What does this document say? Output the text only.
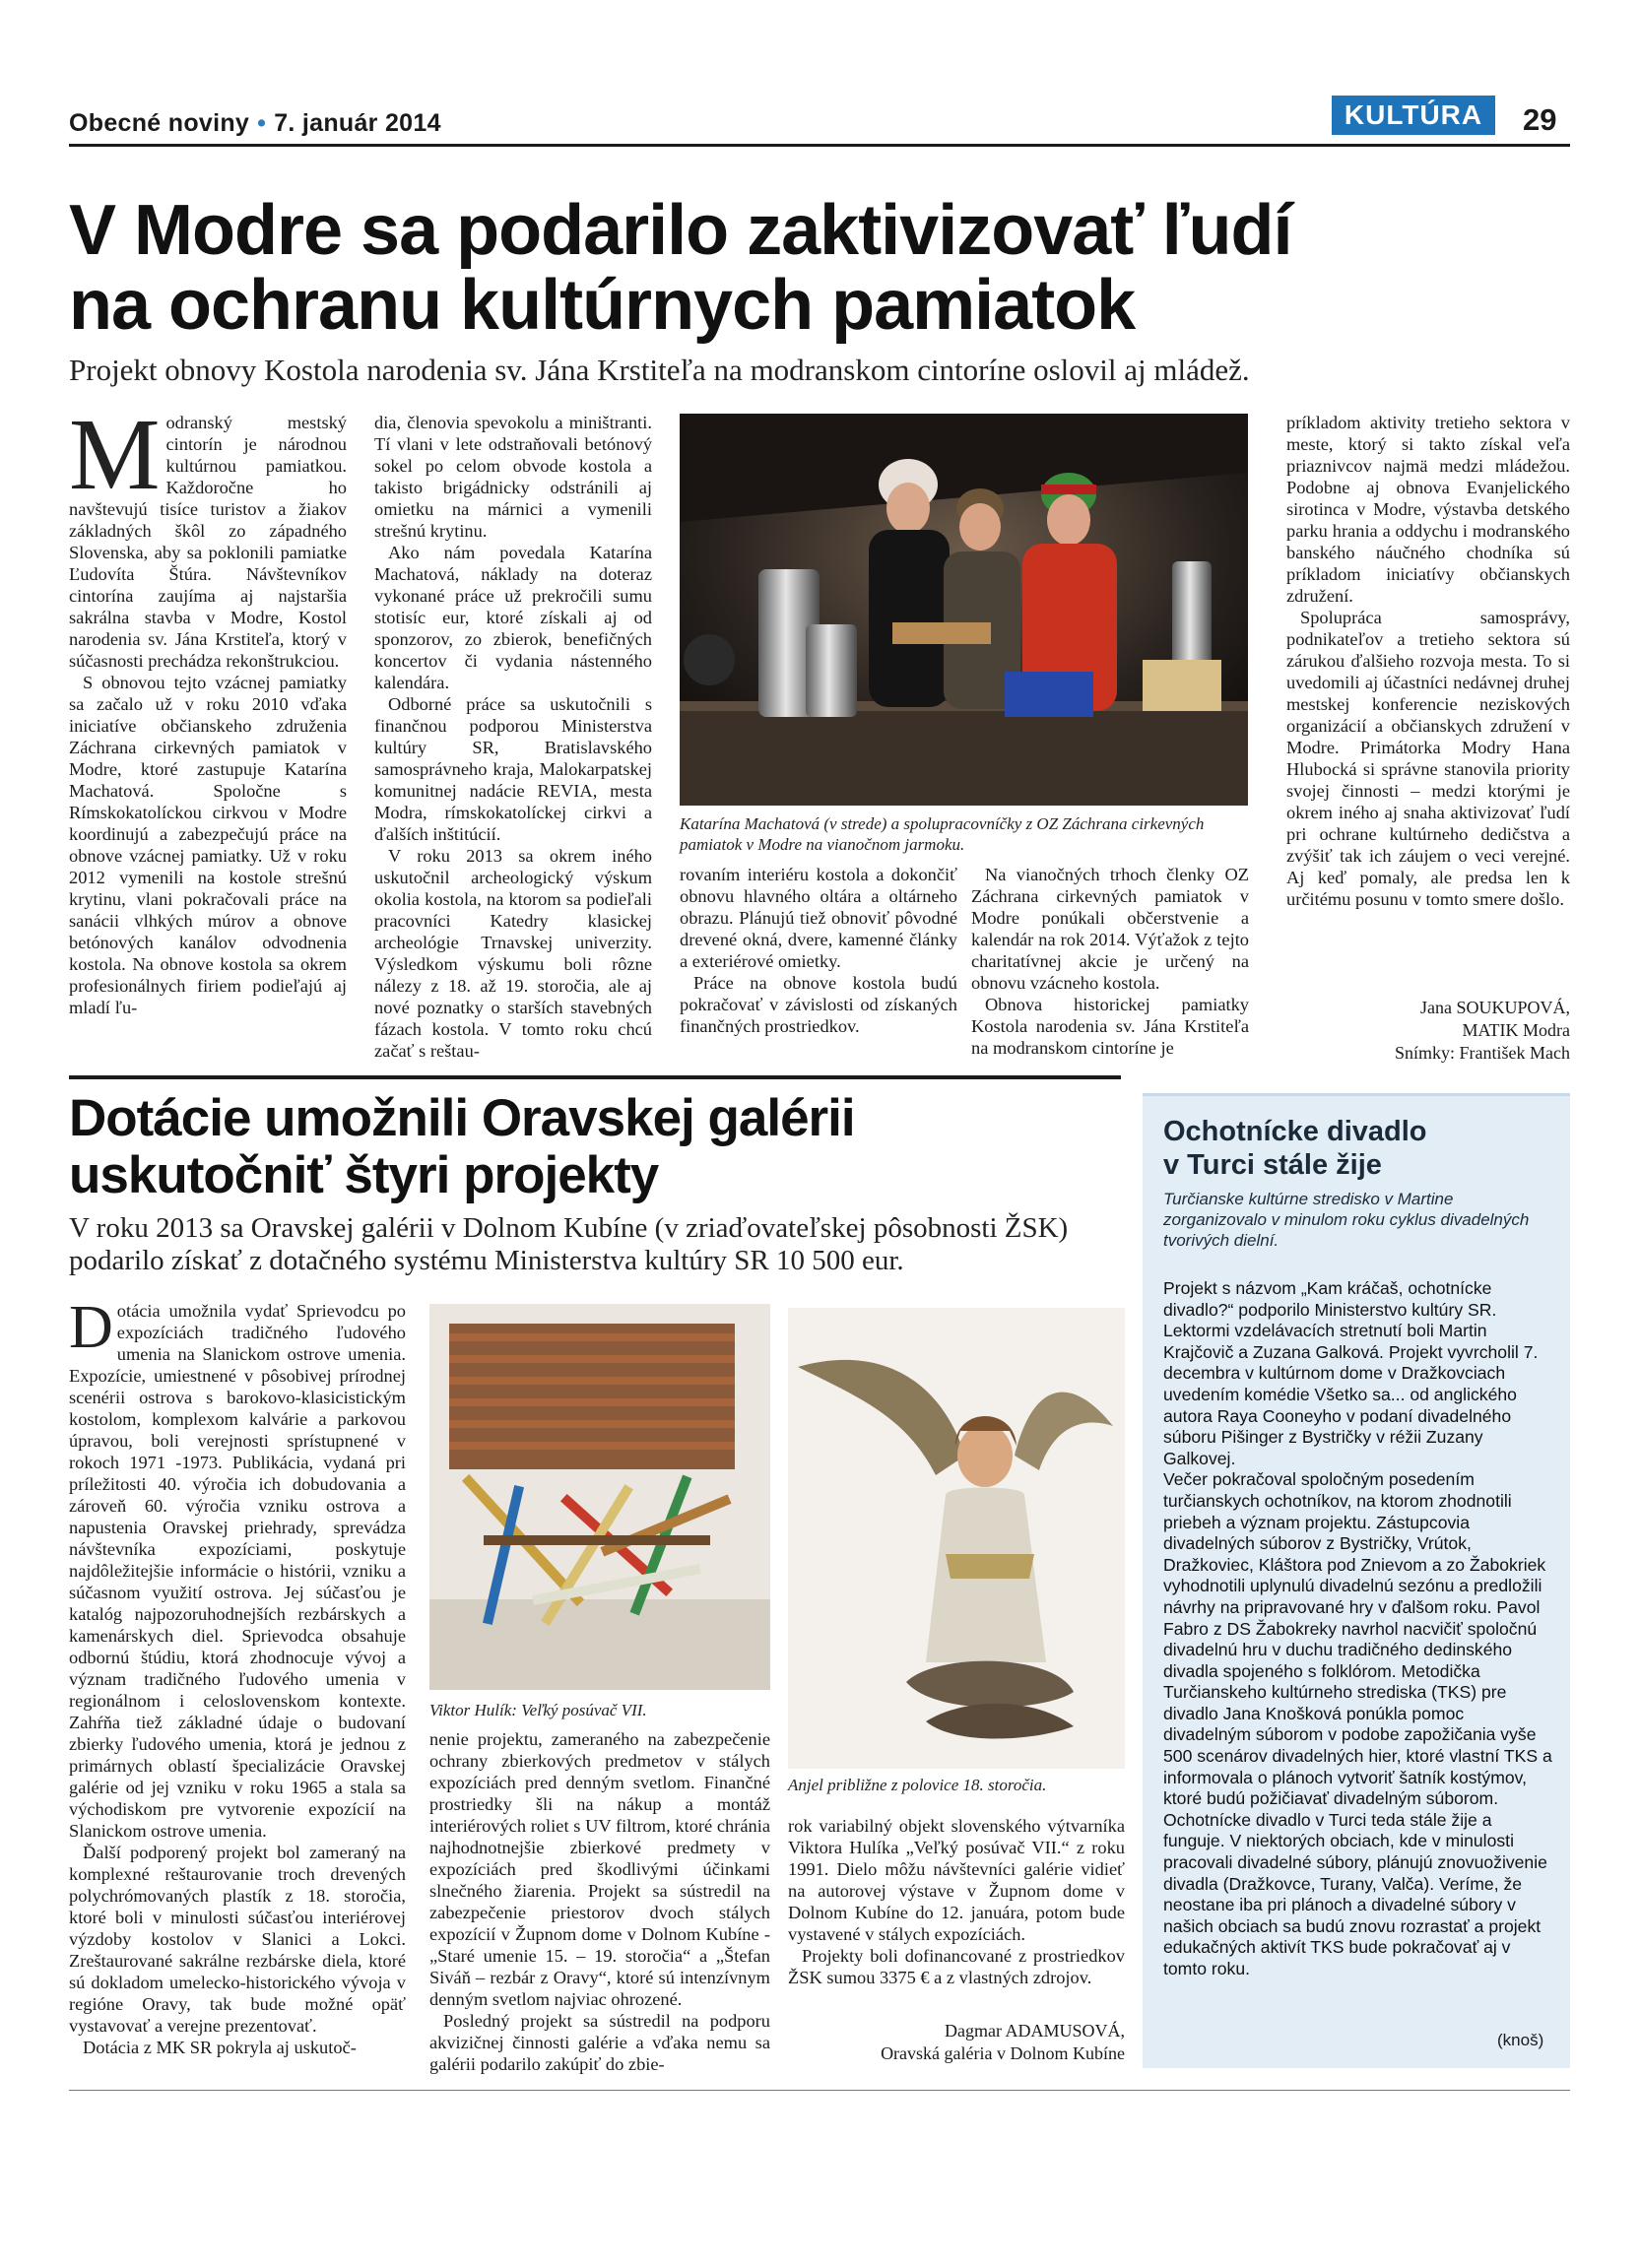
Obecné noviny • 7. január 2014	KULTÚRA	29
V Modre sa podarilo zaktivizovať ľudí
na ochranu kultúrnych pamiatok
Projekt obnovy Kostola narodenia sv. Jána Krstiteľa na modranskom cintoríne oslovil aj mládež.

Modranský mestský cintorín je národnou kultúrnou pamiatkou. Každoročne ho navštevujú tisíce turistov a žiakov základných škôl zo západného Slovenska, aby sa poklonili pamiatke Ľudovíta Štúra. Návštevníkov cintorína zaujíma aj najstaršia sakrálna stavba v Modre, Kostol narodenia sv. Jána Krstiteľa, ktorý v súčasnosti prechádza rekonštrukciou.

S obnovou tejto vzácnej pamiatky sa začalo už v roku 2010 vďaka iniciatíve občianskeho združenia Záchrana cirkevných pamiatok v Modre, ktoré zastupuje Katarína Machatová. Spoločne s Rímskokatolíckou cirkvou v Modre koordinujú a zabezpečujú práce na obnove vzácnej pamiatky. Už v roku 2012 vymenili na kostole strešnú krytinu, vlani pokračovali práce na sanácii vlhkých múrov a obnove betónových kanálov odvodnenia kostola. Na obnove kostola sa okrem profesionálnych firiem podieľajú aj mladí ľu-

dia, členovia spevokolu a miništranti. Tí vlani v lete odstraňovali betónový sokel po celom obvode kostola a takisto brigádnicky odstránili aj omietku na márnici a vymenili strešnú krytinu.

Ako nám povedala Katarína Machatová, náklady na doteraz vykonané práce už prekročili sumu stotisíc eur, ktoré získali aj od sponzorov, zo zbierok, benefičných koncertov či vydania nástenného kalendára.

Odborné práce sa uskutočnili s finančnou podporou Ministerstva kultúry SR, Bratislavského samosprávneho kraja, Malokarpatskej komunitnej nadácie REVIA, mesta Modra, rímskokatolíckej cirkvi a ďalších inštitúcií.

V roku 2013 sa okrem iného uskutočnil archeologický výskum okolia kostola, na ktorom sa podieľali pracovníci Katedry klasickej archeológie Trnavskej univerzity. Výsledkom výskumu boli rôzne nálezy z 18. až 19. storočia, ale aj nové poznatky o starších stavebných fázach kostola. V tomto roku chcú začať s reštau-

Katarína Machatová (v strede) a spolupracovníčky z OZ Záchrana cirkevných pamiatok v Modre na vianočnom jarmoku.

rovaním interiéru kostola a dokončiť obnovu hlavného oltára a oltárneho obrazu. Plánujú tiež obnoviť pôvodné drevené okná, dvere, kamenné články a exteriérové omietky.

Práce na obnove kostola budú pokračovať v závislosti od získaných finančných prostriedkov.

Na vianočných trhoch členky OZ Záchrana cirkevných pamiatok v Modre ponúkali občerstvenie a kalendár na rok 2014. Výťažok z tejto charitatívnej akcie je určený na obnovu vzácneho kostola.

Obnova historickej pamiatky Kostola narodenia sv. Jána Krstiteľa na modranskom cintoríne je

príkladom aktivity tretieho sektora v meste, ktorý si takto získal veľa priaznivcov najmä medzi mládežou. Podobne aj obnova Evanjelického sirotinca v Modre, výstavba detského parku hrania a oddychu i modranského banského náučného chodníka sú príkladom iniciatívy občianskych združení.

Spolupráca samosprávy, podnikateľov a tretieho sektora sú zárukou ďalšieho rozvoja mesta. To si uvedomili aj účastníci nedávnej druhej mestskej konferencie neziskových organizácií a občianskych združení v Modre. Primátorka Modry Hana Hlubocká si správne stanovila priority svojej činnosti – medzi ktorými je okrem iného aj snaha aktivizovať ľudí pri ochrane kultúrneho dedičstva a zvýšiť tak ich záujem o veci verejné. Aj keď pomaly, ale predsa len k určitému posunu v tomto smere došlo.

Jana SOUKUPOVÁ,
MATIK Modra
Snímky: František Mach
Dotácie umožnili Oravskej galérii
uskutočniť štyri projekty
V roku 2013 sa Oravskej galérii v Dolnom Kubíne (v zriaďovateľskej pôsobnosti ŽSK)
podarilo získať z dotačného systému Ministerstva kultúry SR 10 500 eur.

Dotácia umožnila vydať Sprievodcu po expozíciách tradičného ľudového umenia na Slanickom ostrove umenia. Expozície, umiestnené v pôsobivej prírodnej scenérii ostrova s barokovo-klasicistickým kostolom, komplexom kalvárie a parkovou úpravou, boli verejnosti sprístupnené v rokoch 1971 -1973. Publikácia, vydaná pri príležitosti 40. výročia ich dobudovania a zároveň 60. výročia vzniku ostrova a napustenia Oravskej priehrady, sprevádza návštevníka expozíciami, poskytuje najdôležitejšie informácie o histórii, vzniku a súčasnom využití ostrova. Jej súčasťou je katalóg najpozoruhodnejších rezbárskych a kamenárskych diel. Sprievodca obsahuje odbornú štúdiu, ktorá zhodnocuje vývoj a význam tradičného ľudového umenia v regionálnom i celoslovenskom kontexte. Zahŕňa tiež základné údaje o budovaní zbierky ľudového umenia, ktorá je jednou z primárnych oblastí špecializácie Oravskej galérie od jej vzniku v roku 1965 a stala sa východiskom pre vytvorenie expozícií na Slanickom ostrove umenia.

Ďalší podporený projekt bol zameraný na komplexné reštaurovanie troch drevených polychrómovaných plastík z 18. storočia, ktoré boli v minulosti súčasťou interiérovej výzdoby kostolov v Slanici a Lokci. Zreštaurované sakrálne rezbárske diela, ktoré sú dokladom umelecko-historického vývoja v regióne Oravy, tak bude možné opäť vystavovať a verejne prezentovať.

Dotácia z MK SR pokryla aj uskutoč-

Viktor Hulík: Veľký posúvač VII.
Anjel približne z polovice 18. storočia.

nenie projektu, zameraného na zabezpečenie ochrany zbierkových predmetov v stálych expozíciách pred denným svetlom. Finančné prostriedky šli na nákup a montáž interiérových roliet s UV filtrom, ktoré chránia najhodnotnejšie zbierkové predmety v expozíciách pred škodlivými účinkami slnečného žiarenia. Projekt sa sústredil na zabezpečenie priestorov dvoch stálych expozícií v Župnom dome v Dolnom Kubíne - „Staré umenie 15. – 19. storočia“ a „Štefan Siváň – rezbár z Oravy“, ktoré sú intenzívnym denným svetlom najviac ohrozené.

Posledný projekt sa sústredil na podporu akvizičnej činnosti galérie a vďaka nemu sa galérii podarilo zakúpiť do zbie-

rok variabilný objekt slovenského výtvarníka Viktora Hulíka „Veľký posúvač VII.“ z roku 1991. Dielo môžu návštevníci galérie vidieť na autorovej výstave v Župnom dome v Dolnom Kubíne do 12. januára, potom bude vystavené v stálych expozíciách.

Projekty boli dofinancované z prostriedkov ŽSK sumou 3375 € a z vlastných zdrojov.

Dagmar ADAMUSOVÁ,
Oravská galéria v Dolnom Kubíne
Ochotnícke divadlo
v Turci stále žije
Turčianske kultúrne stredisko v Martine zorganizovalo v minulom roku cyklus divadelných tvorivých dielní.

Projekt s názvom „Kam kráčaš, ochotnícke divadlo?“ podporilo Ministerstvo kultúry SR. Lektormi vzdelávacích stretnutí boli Martin Krajčovič a Zuzana Galková. Projekt vyvrcholil 7. decembra v kultúrnom dome v Dražkovciach uvedením komédie Všetko sa... od anglického autora Raya Cooneyho v podaní divadelného súboru Pišinger z Bystričky v réžii Zuzany Galkovej.

Večer pokračoval spoločným posedením turčianskych ochotníkov, na ktorom zhodnotili priebeh a význam projektu. Zástupcovia divadelných súborov z Bystričky, Vrútok, Dražkoviec, Kláštora pod Znievom a zo Žabokriek vyhodnotili uplynulú divadelnú sezónu a predložili návrhy na pripravované hry v ďalšom roku. Pavol Fabro z DS Žabokreky navrhol nacvičiť spoločnú divadelnú hru v duchu tradičného dedinského divadla spojeného s folklórom. Metodička Turčianskeho kultúrneho strediska (TKS) pre divadlo Jana Knošková ponúkla pomoc divadelným súborom v podobe zapožičania vyše 500 scenárov divadelných hier, ktoré vlastní TKS a informovala o plánoch vytvoriť šatník kostýmov, ktoré budú požičiavať divadelným súborom.

Ochotnícke divadlo v Turci teda stále žije a funguje. V niektorých obciach, kde v minulosti pracovali divadelné súbory, plánujú znovuoživenie divadla (Dražkovce, Turany, Valča). Veríme, že neostane iba pri plánoch a divadelné súbory v našich obciach sa budú znovu rozrastať a projekt edukačných aktivít TKS bude pokračovať aj v tomto roku.

(knoš)
